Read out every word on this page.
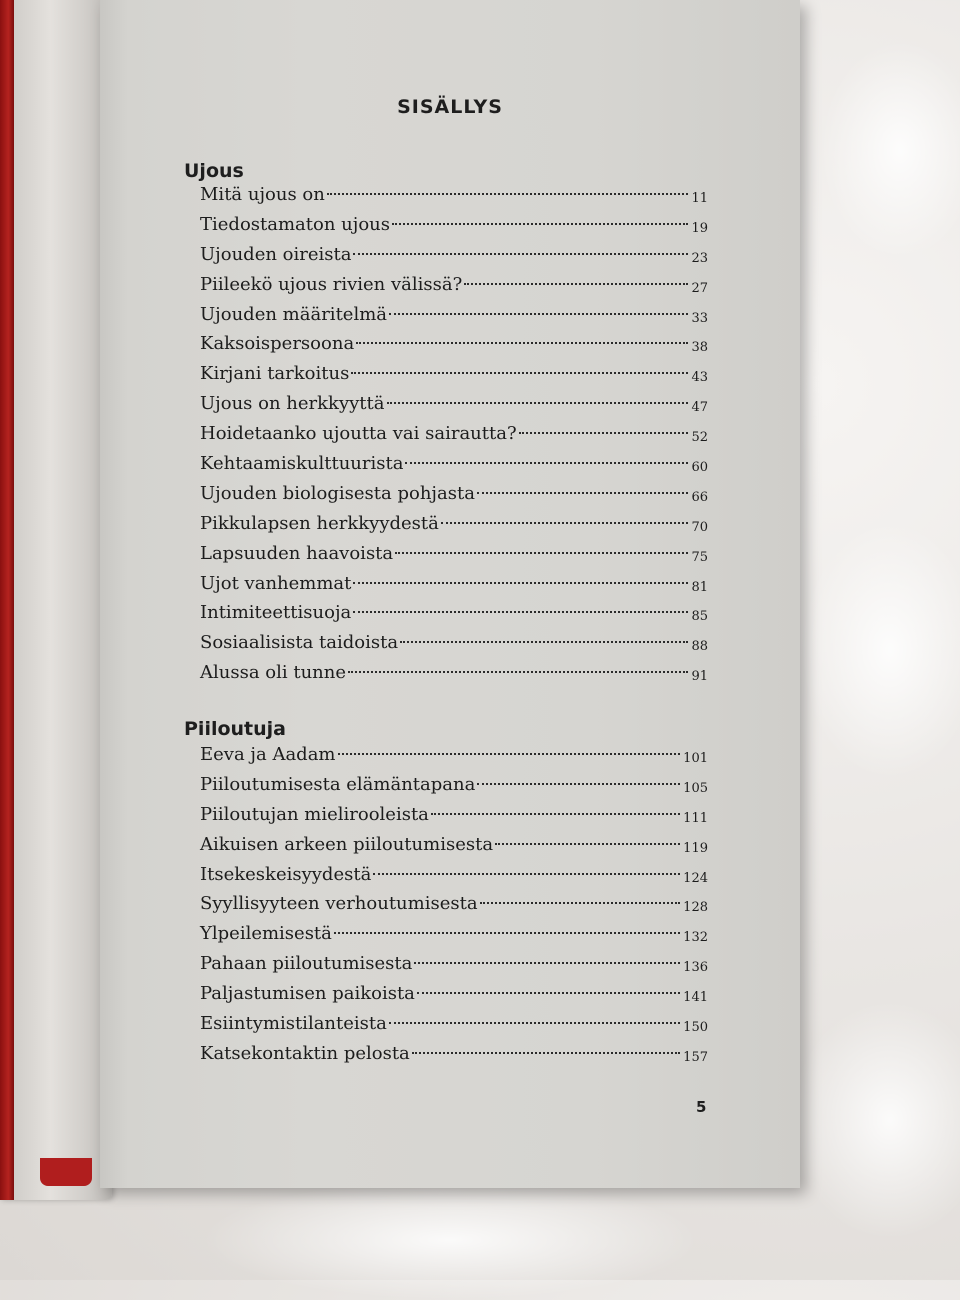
SISÄLLYS
Ujous
Mitä ujous on	11
Tiedostamaton ujous	19
Ujouden oireista	23
Piileekö ujous rivien välissä?	27
Ujouden määritelmä	33
Kaksoispersoona	38
Kirjani tarkoitus	43
Ujous on herkkyyttä	47
Hoidetaanko ujoutta vai sairautta?	52
Kehtaamiskulttuurista	60
Ujouden biologisesta pohjasta	66
Pikkulapsen herkkyydestä	70
Lapsuuden haavoista	75
Ujot vanhemmat	81
Intimiteettisuoja	85
Sosiaalisista taidoista	88
Alussa oli tunne	91
Piiloutuja
Eeva ja Aadam	101
Piiloutumisesta elämäntapana	105
Piiloutujan mielirooleista	111
Aikuisen arkeen piiloutumisesta	119
Itsekeskeisyydestä	124
Syyllisyyteen verhoutumisesta	128
Ylpeilemisestä	132
Pahaan piiloutumisesta	136
Paljastumisen paikoista	141
Esiintymistilanteista	150
Katsekontaktin pelosta	157
5
